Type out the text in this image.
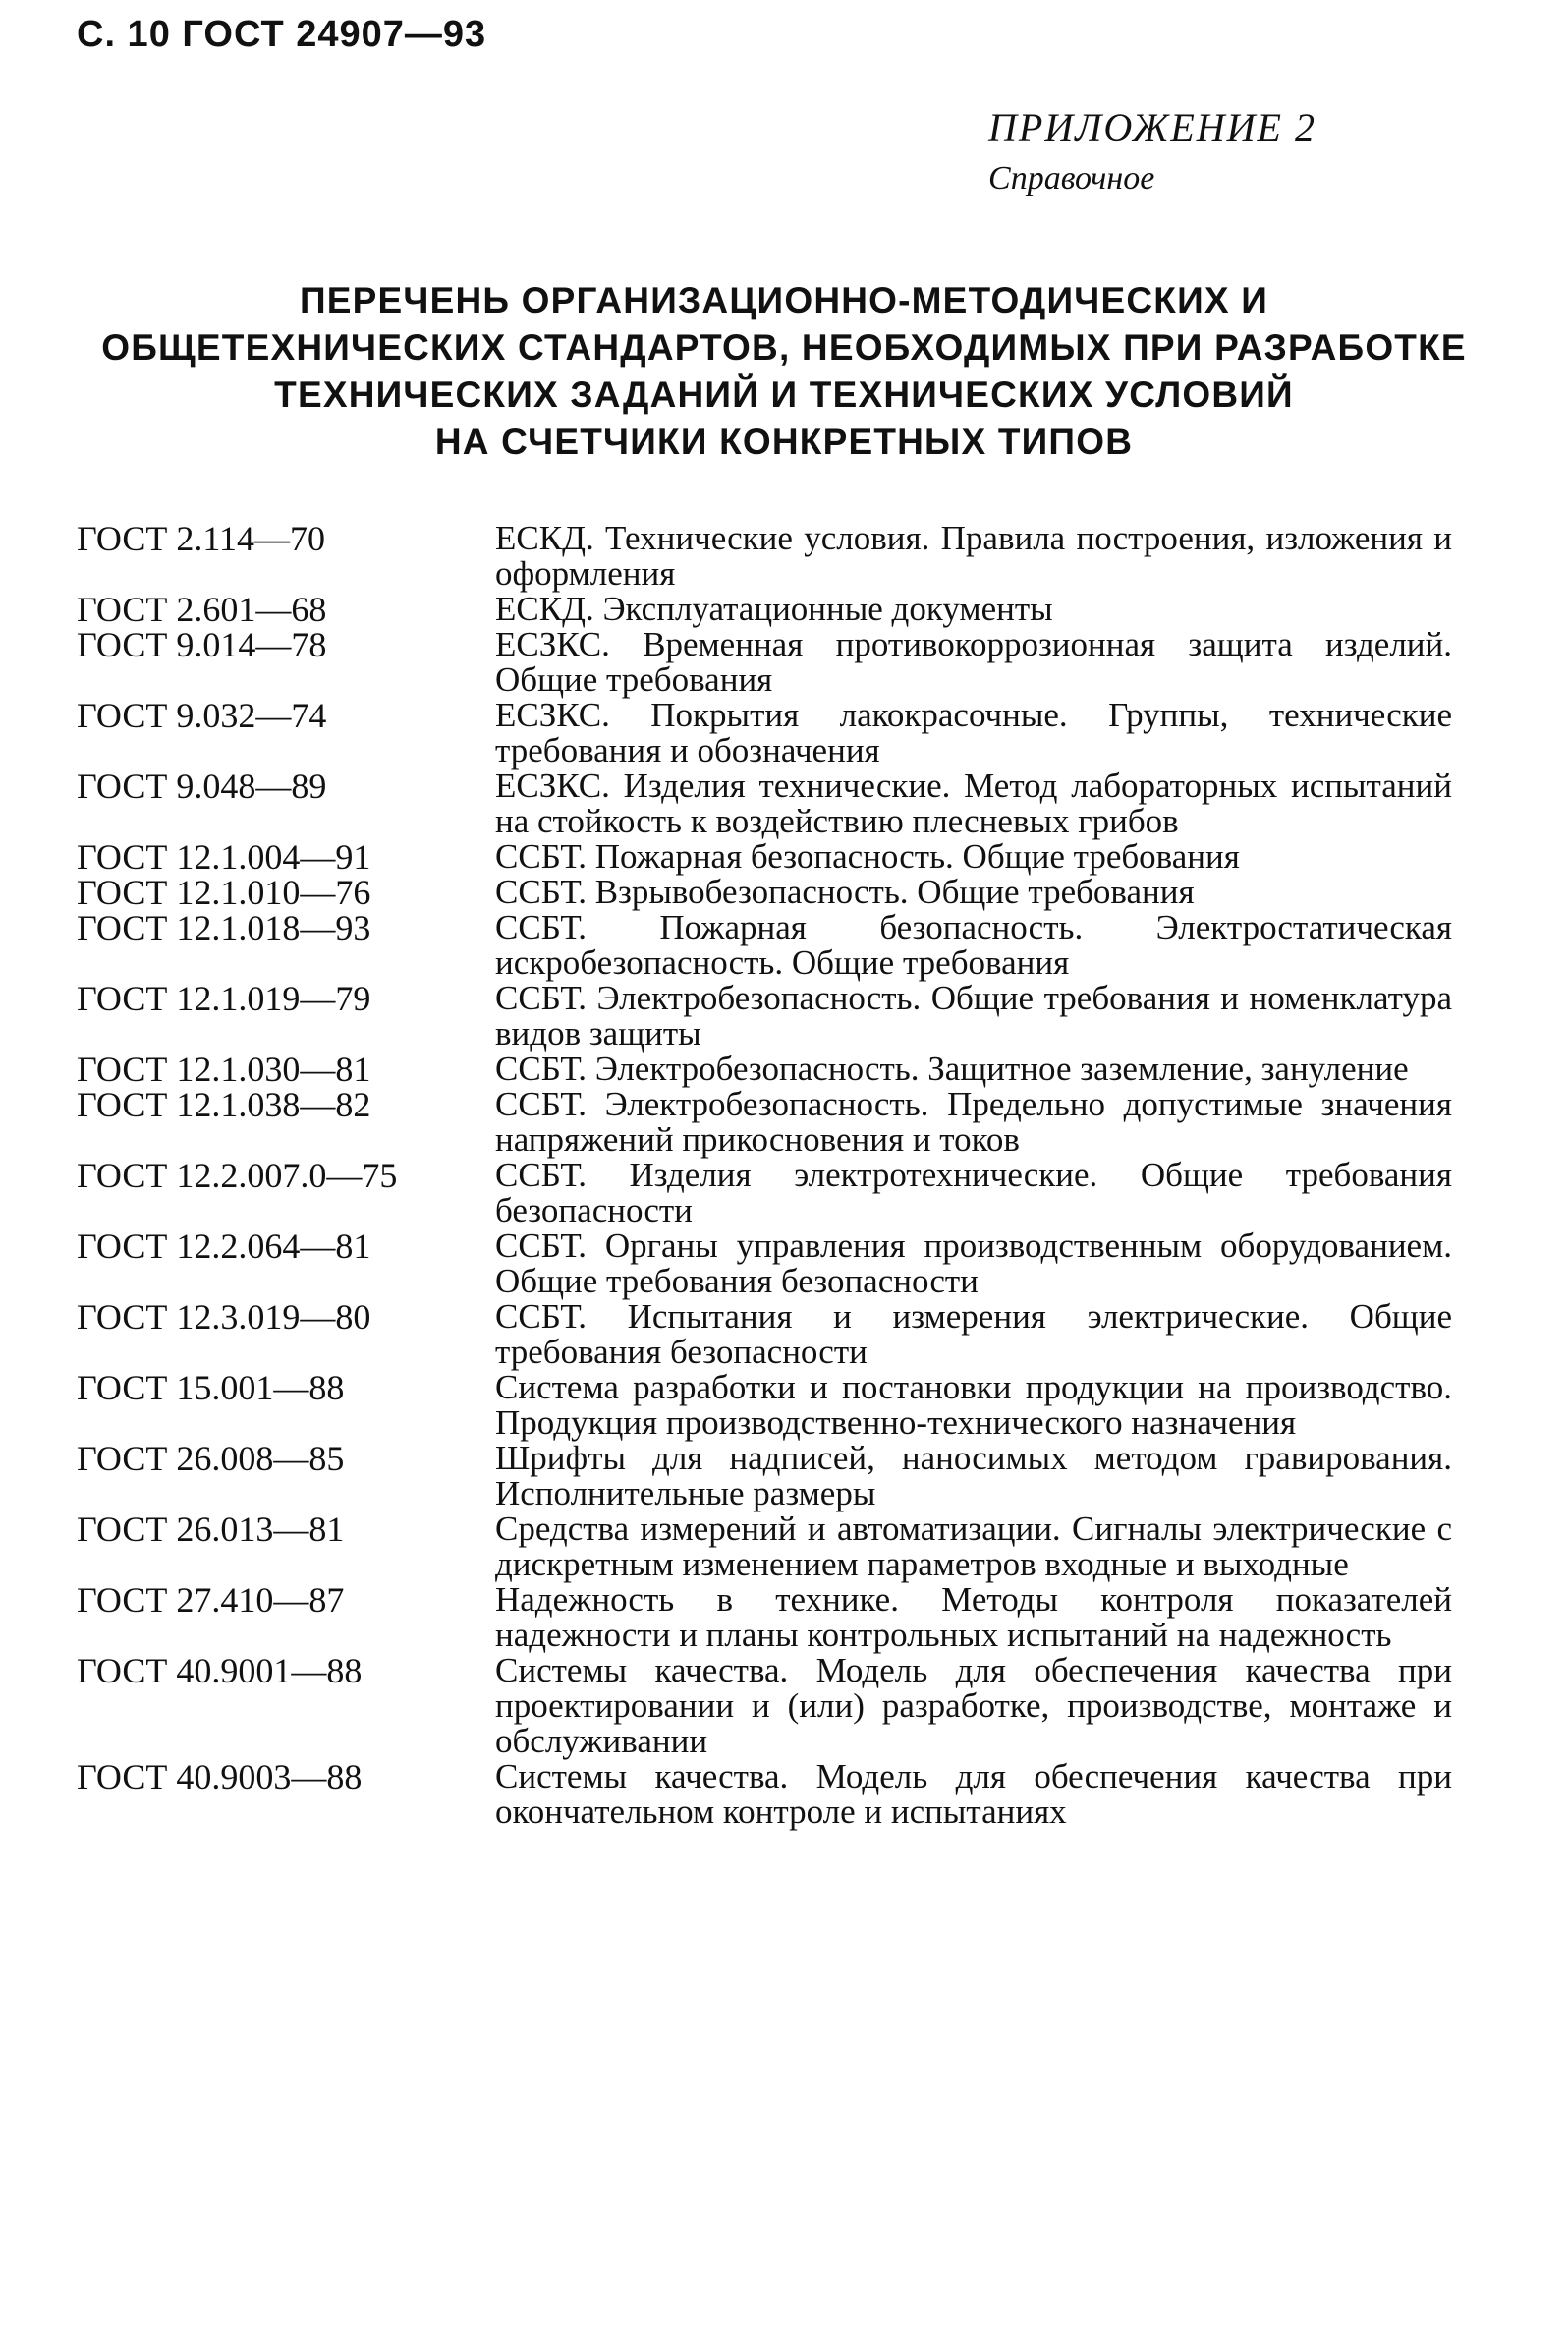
С. 10 ГОСТ 24907—93
ПРИЛОЖЕНИЕ 2
Справочное
ПЕРЕЧЕНЬ ОРГАНИЗАЦИОННО-МЕТОДИЧЕСКИХ И
ОБЩЕТЕХНИЧЕСКИХ СТАНДАРТОВ, НЕОБХОДИМЫХ ПРИ РАЗРАБОТКЕ
ТЕХНИЧЕСКИХ ЗАДАНИЙ И ТЕХНИЧЕСКИХ УСЛОВИЙ
НА СЧЕТЧИКИ КОНКРЕТНЫХ ТИПОВ
ГОСТ 2.114—70	ЕСКД. Технические условия. Правила построения, изложения и оформления
ГОСТ 2.601—68	ЕСКД. Эксплуатационные документы
ГОСТ 9.014—78	ЕСЗКС. Временная противокоррозионная защита изделий. Общие требования
ГОСТ 9.032—74	ЕСЗКС. Покрытия лакокрасочные. Группы, технические требования и обозначения
ГОСТ 9.048—89	ЕСЗКС. Изделия технические. Метод лабораторных испытаний на стойкость к воздействию плесневых грибов
ГОСТ 12.1.004—91	ССБТ. Пожарная безопасность. Общие требования
ГОСТ 12.1.010—76	ССБТ. Взрывобезопасность. Общие требования
ГОСТ 12.1.018—93	ССБТ. Пожарная безопасность. Электростатическая искробезопасность. Общие требования
ГОСТ 12.1.019—79	ССБТ. Электробезопасность. Общие требования и номенклатура видов защиты
ГОСТ 12.1.030—81	ССБТ. Электробезопасность. Защитное заземление, зануление
ГОСТ 12.1.038—82	ССБТ. Электробезопасность. Предельно допустимые значения напряжений прикосновения и токов
ГОСТ 12.2.007.0—75	ССБТ. Изделия электротехнические. Общие требования безопасности
ГОСТ 12.2.064—81	ССБТ. Органы управления производственным оборудованием. Общие требования безопасности
ГОСТ 12.3.019—80	ССБТ. Испытания и измерения электрические. Общие требования безопасности
ГОСТ 15.001—88	Система разработки и постановки продукции на производство. Продукция производственно-технического назначения
ГОСТ 26.008—85	Шрифты для надписей, наносимых методом гравирования. Исполнительные размеры
ГОСТ 26.013—81	Средства измерений и автоматизации. Сигналы электрические с дискретным изменением параметров входные и выходные
ГОСТ 27.410—87	Надежность в технике. Методы контроля показателей надежности и планы контрольных испытаний на надежность
ГОСТ 40.9001—88	Системы качества. Модель для обеспечения качества при проектировании и (или) разработке, производстве, монтаже и обслуживании
ГОСТ 40.9003—88	Системы качества. Модель для обеспечения качества при окончательном контроле и испытаниях
